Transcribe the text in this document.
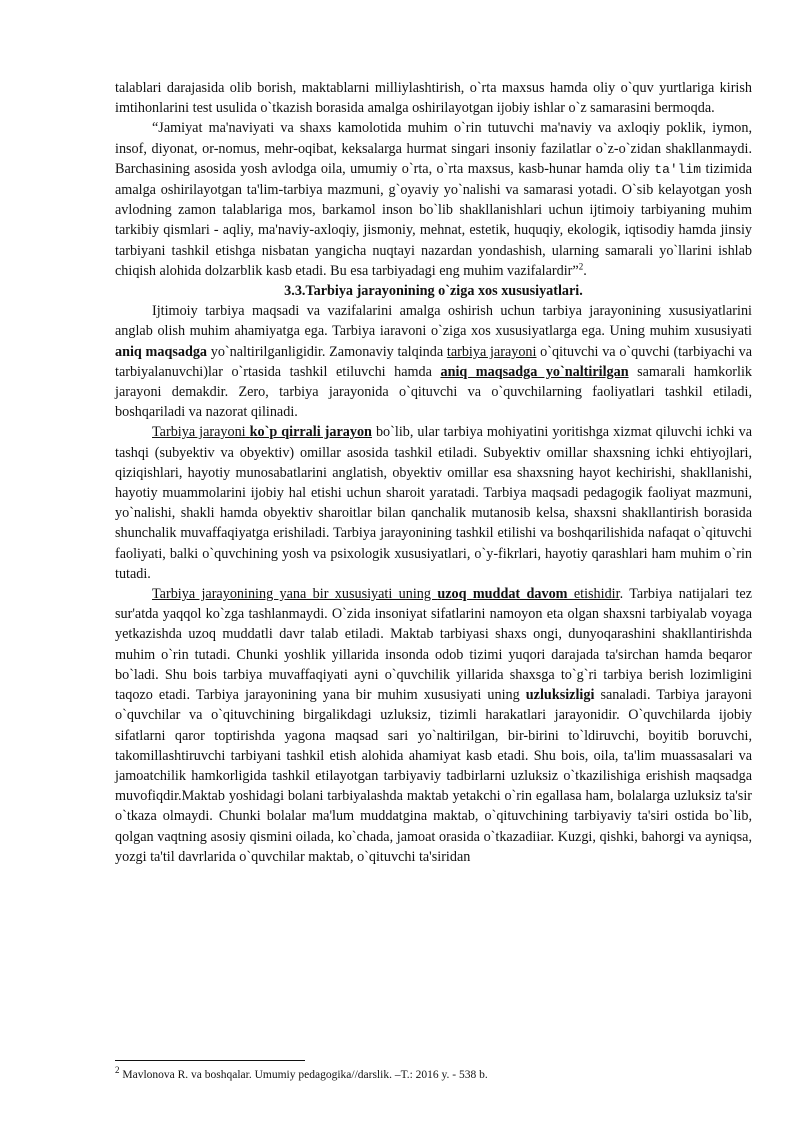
talablari darajasida olib borish, maktablarni milliylashtirish, o`rta maxsus hamda oliy o`quv yurtlariga kirish imtihonlarini test usulida o`tkazish borasida amalga oshirilayotgan ijobiy ishlar o`z samarasini bermoqda.

“Jamiyat ma'naviyati va shaxs kamolotida muhim o`rin tutuvchi ma'naviy va axloqiy poklik, iymon, insof, diyonat, or-nomus, mehr-oqibat, keksalarga hurmat singari insoniy fazilatlar o`z-o`zidan shakllanmaydi. Barchasining asosida yosh avlodga oila, umumiy o`rta, o`rta maxsus, kasb-hunar hamda oliy ta'lim tizimida amalga oshirilayotgan ta'lim-tarbiya mazmuni, g`oyaviy yo`nalishi va samarasi yotadi. O`sib kelayotgan yosh avlodning zamon talablariga mos, barkamol inson bo`lib shakllanishlari uchun ijtimoiy tarbiyaning muhim tarkibiy qismlari - aqliy, ma'naviy-axloqiy, jismoniy, mehnat, estetik, huquqiy, ekologik, iqtisodiy hamda jinsiy tarbiyani tashkil etishga nisbatan yangicha nuqtayi nazardan yondashish, ularning samarali yo`llarini ishlab chiqish alohida dolzarblik kasb etadi. Bu esa tarbiyadagi eng muhim vazifalardir”$^2$.

3.3.Tarbiya jarayonining o`ziga xos xususiyatlari.

Ijtimoiy tarbiya maqsadi va vazifalarini amalga oshirish uchun tarbiya jarayonining xususiyatlarini anglab olish muhim ahamiyatga ega. Tarbiya iaravoni o`ziga xos xususiyatlarga ega. Uning muhim xususiyati aniq maqsadga yo`naltirilganligidir. Zamonaviy talqinda tarbiya jarayoni o`qituvchi va o`quvchi (tarbiyachi va tarbiyalanuvchi)lar o`rtasida tashkil etiluvchi hamda aniq maqsadga yo`naltirilgan samarali hamkorlik jarayoni demakdir. Zero, tarbiya jarayonida o`qituvchi va o`quvchilarning faoliyatlari tashkil etiladi, boshqariladi va nazorat qilinadi.

Tarbiya jarayoni ko`p qirrali jarayon bo`lib, ular tarbiya mohiyatini yoritishga xizmat qiluvchi ichki va tashqi (subyektiv va obyektiv) omillar asosida tashkil etiladi. Subyektiv omillar shaxsning ichki ehtiyojlari, qiziqishlari, hayotiy munosabatlarini anglatish, obyektiv omillar esa shaxsning hayot kechirishi, shakllanishi, hayotiy muammolarini ijobiy hal etishi uchun sharoit yaratadi. Tarbiya maqsadi pedagogik faoliyat mazmuni, yo`nalishi, shakli hamda obyektiv sharoitlar bilan qanchalik mutanosib kelsa, shaxsni shakllantirish borasida shunchalik muvaffaqiyatga erishiladi. Tarbiya jarayonining tashkil etilishi va boshqarilishida nafaqat o`qituvchi faoliyati, balki o`quvchining yosh va psixologik xususiyatlari, o`y-fikrlari, hayotiy qarashlari ham muhim o`rin tutadi.

Tarbiya jarayonining yana bir xususiyati uning uzoq muddat davom etishidir. Tarbiya natijalari tez sur'atda yaqqol ko`zga tashlanmaydi. O`zida insoniyat sifatlarini namoyon eta olgan shaxsni tarbiyalab voyaga yetkazishda uzoq muddatli davr talab etiladi. Maktab tarbiyasi shaxs ongi, dunyoqarashini shakllantirishda muhim o`rin tutadi. Chunki yoshlik yillarida insonda odob tizimi yuqori darajada ta'sirchan hamda beqaror bo`ladi. Shu bois tarbiya muvaffaqiyati ayni o`quvchilik yillarida shaxsga to`g`ri tarbiya berish lozimligini taqozo etadi. Tarbiya jarayonining yana bir muhim xususiyati uning uzluksizligi sanaladi. Tarbiya jarayoni o`quvchilar va o`qituvchining birgalikdagi uzluksiz, tizimli harakatlari jarayonidir. O`quvchilarda ijobiy sifatlarni qaror toptirishda yagona maqsad sari yo`naltirilgan, bir-birini to`ldiruvchi, boyitib boruvchi, takomillashtiruvchi tarbiyani tashkil etish alohida ahamiyat kasb etadi. Shu bois, oila, ta'lim muassasalari va jamoatchilik hamkorligida tashkil etilayotgan tarbiyaviy tadbirlarni uzluksiz o`tkazilishiga erishish maqsadga muvofiqdir.Maktab yoshidagi bolani tarbiyalashda maktab yetakchi o`rin egallasa ham, bolalarga uzluksiz ta'sir o`tkaza olmaydi. Chunki bolalar ma'lum muddatgina maktab, o`qituvchining tarbiyaviy ta'siri ostida bo`lib, qolgan vaqtning asosiy qismini oilada, ko`chada, jamoat orasida o`tkazadiiar. Kuzgi, qishki, bahorgi va ayniqsa, yozgi ta'til davrlarida o`quvchilar maktab, o`qituvchi ta'siridan

$^2$ Mavlonova R. va boshqalar. Umumiy pedagogika//darslik. –T.: 2016 y. - 538 b.
